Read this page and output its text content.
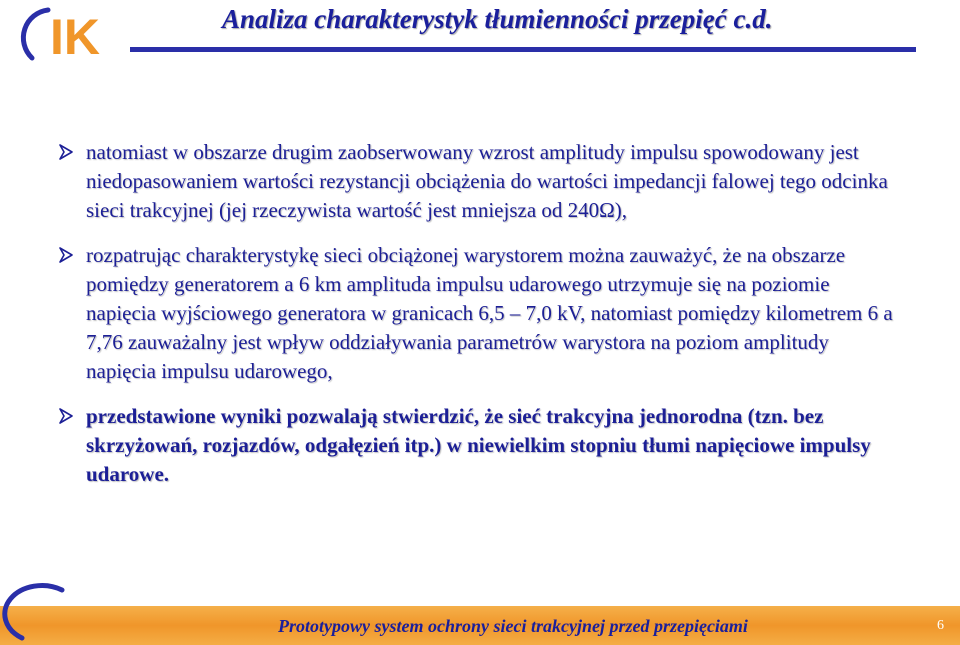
IK	Analiza charakterystyk tłumienności przepięć c.d.
natomiast w obszarze drugim zaobserwowany wzrost amplitudy impulsu spowodowany jest niedopasowaniem wartości rezystancji obciążenia do wartości impedancji falowej tego odcinka sieci trakcyjnej (jej rzeczywista wartość jest mniejsza od 240Ω),
rozpatrując charakterystykę sieci obciążonej warystorem można zauważyć, że na obszarze pomiędzy generatorem a 6 km amplituda impulsu udarowego utrzymuje się na poziomie napięcia wyjściowego generatora w granicach 6,5 – 7,0 kV, natomiast pomiędzy kilometrem 6 a 7,76 zauważalny jest wpływ oddziaływania parametrów warystora na poziom amplitudy napięcia impulsu udarowego,
przedstawione wyniki pozwalają stwierdzić, że sieć trakcyjna jednorodna (tzn. bez skrzyżowań, rozjazdów, odgałęzień itp.) w niewielkim stopniu tłumi napięciowe impulsy udarowe.

Prototypowy system ochrony sieci trakcyjnej przed przepięciami	6
